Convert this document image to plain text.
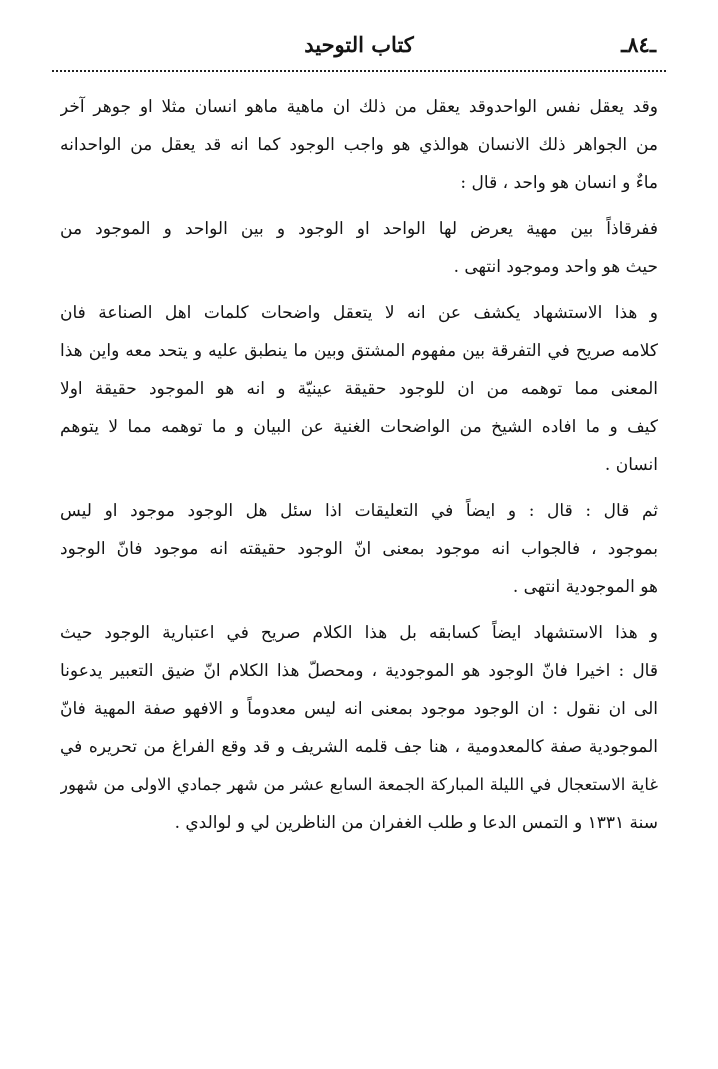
ـ٨٤ـ
كتاب التوحيد
وقد يعقل نفس الواحدوقد يعقل من ذلك ان ماهية ماهو انسان مثلا او جوهر آخر
من الجواهر ذلك الانسان هوالذي هو واجب الوجود كما انه قد يعقل من الواحدانه
ماءٌ و انسان هو واحد ، قال :
ففرقاذاً بين مهية يعرض لها الواحد او الوجود و بين الواحد و الموجود من
حيث هو واحد وموجود انتهى .
و هذا الاستشهاد يكشف عن انه لا يتعقل واضحات كلمات اهل الصناعة فان
كلامه صريح في التفرقة بين مفهوم المشتق وبين ما ينطبق عليه و يتحد معه واين هذا
المعنى مما توهمه من ان للوجود حقيقة عينيّة و انه هو الموجود حقيقة اولا
كيف و ما افاده الشيخ من الواضحات الغنية عن البيان و ما توهمه مما لا يتوهم
انسان .
ثم قال : قال : و ايضاً في التعليقات اذا سئل هل الوجود موجود او ليس
بموجود ، فالجواب انه موجود بمعنى انّ الوجود حقيقته انه موجود فانّ الوجود
هو الموجودية انتهى .
و هذا الاستشهاد ايضاً كسابقه بل هذا الكلام صريح في اعتبارية الوجود حيث
قال : اخيرا فانّ الوجود هو الموجودية ، ومحصلّ هذا الكلام انّ ضيق التعبير يدعونا
الى ان نقول : ان الوجود موجود بمعنى انه ليس معدوماً و الافهو صفة المهية فانّ
الموجودية صفة كالمعدومية ، هنا جف قلمه الشريف و قد وقع الفراغ من تحريره في
غاية الاستعجال في الليلة المباركة الجمعة السابع عشر من شهر جمادي الاولى من شهور
سنة ١٣٣١ و التمس الدعا و طلب الغفران من الناظرين لي و لوالدي .
